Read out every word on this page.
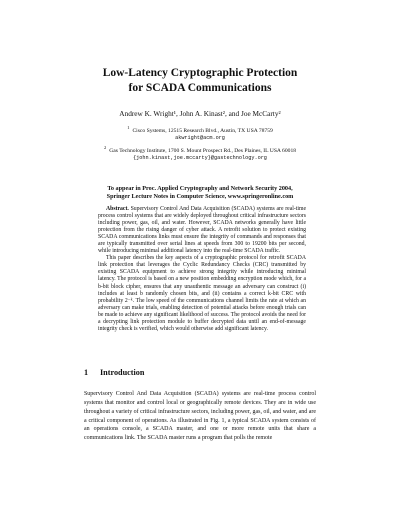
Low-Latency Cryptographic Protection
for SCADA Communications
Andrew K. Wright¹, John A. Kinast², and Joe McCarty²
$^1$Cisco Systems, 12515 Research Blvd., Austin, TX USA 78759
akwright@acm.org
$^2$Gas Technology Institute, 1700 S. Mount Prospect Rd., Des Plaines, IL USA 60018
{john.kinast,joe.mccarty}@gastechnology.org
To appear in Proc. Applied Cryptography and Network Security 2004,
Springer Lecture Notes in Computer Science, www.springeronline.com

Abstract. Supervisory Control And Data Acquisition (SCADA) systems are real-time process control systems that are widely deployed throughout critical infrastructure sectors including power, gas, oil, and water. However, SCADA networks generally have little protection from the rising danger of cyber attack. A retrofit solution to protect existing SCADA communications links must ensure the integrity of commands and responses that are typically transmitted over serial lines at speeds from 300 to 19200 bits per second, while introducing minimal additional latency into the real-time SCADA traffic.

This paper describes the key aspects of a cryptographic protocol for retrofit SCADA link protection that leverages the Cyclic Redundancy Checks (CRC) transmitted by existing SCADA equipment to achieve strong integrity while introducing minimal latency. The protocol is based on a new position embedding encryption mode which, for a b-bit block cipher, ensures that any unauthentic message an adversary can construct (i) includes at least b randomly chosen bits, and (ii) contains a correct k-bit CRC with probability 2⁻ᵏ. The low speed of the communications channel limits the rate at which an adversary can make trials, enabling detection of potential attacks before enough trials can be made to achieve any significant likelihood of success. The protocol avoids the need for a decrypting link protection module to buffer decrypted data until an end-of-message integrity check is verified, which would otherwise add significant latency.

1 Introduction

Supervisory Control And Data Acquisition (SCADA) systems are real-time process control systems that monitor and control local or geographically remote devices. They are in wide use throughout a variety of critical infrastructure sectors, including power, gas, oil, and water, and are a critical component of operations. As illustrated in Fig. 1, a typical SCADA system consists of an operations console, a SCADA master, and one or more remote units that share a communications link. The SCADA master runs a program that polls the remote
